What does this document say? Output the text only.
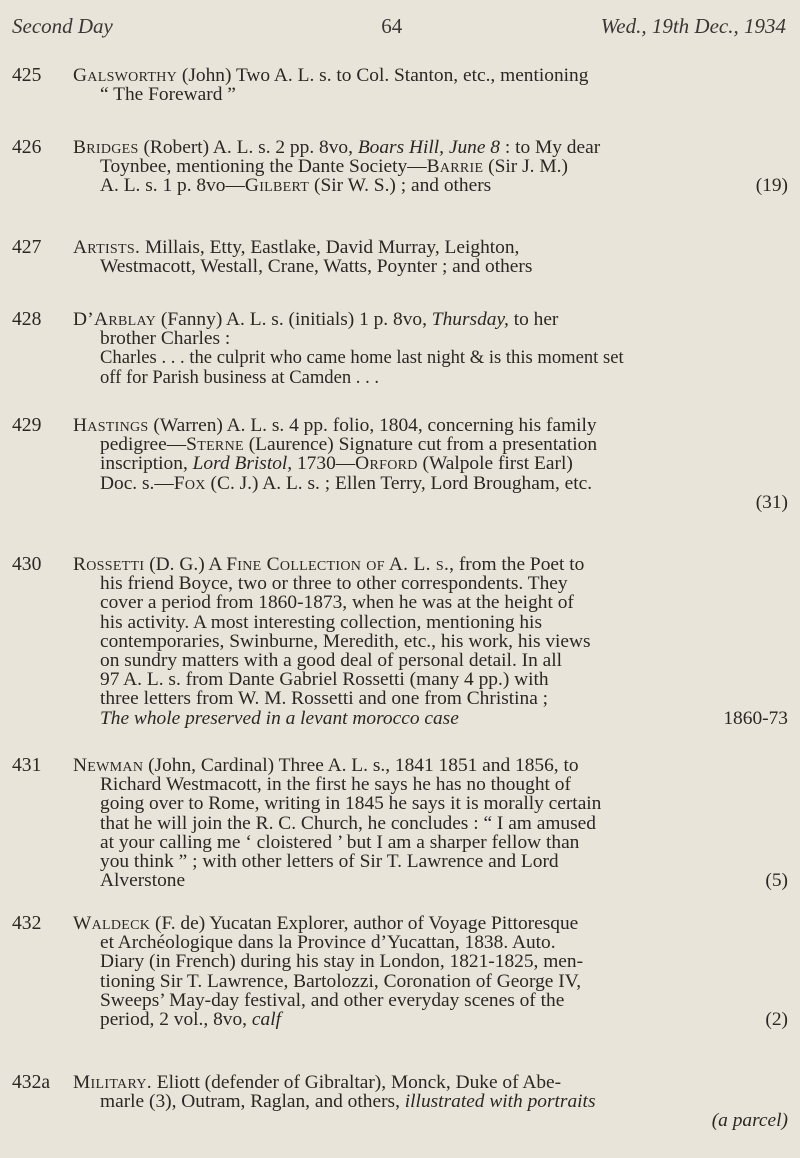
Second Day	64	Wed., 19th Dec., 1934
425	Galsworthy (John) Two A. L. s. to Col. Stanton, etc., mentioning
“ The Foreward ”
426	Bridges (Robert) A. L. s. 2 pp. 8vo, Boars Hill, June 8 : to My dear
Toynbee, mentioning the Dante Society—Barrie (Sir J. M.)
A. L. s. 1 p. 8vo—Gilbert (Sir W. S.) ; and others	(19)
427	Artists. Millais, Etty, Eastlake, David Murray, Leighton,
Westmacott, Westall, Crane, Watts, Poynter ; and others
428	D’Arblay (Fanny) A. L. s. (initials) 1 p. 8vo, Thursday, to her
brother Charles :
Charles . . . the culprit who came home last night & is this moment set
off for Parish business at Camden . . .
429	Hastings (Warren) A. L. s. 4 pp. folio, 1804, concerning his family
pedigree—Sterne (Laurence) Signature cut from a presentation
inscription, Lord Bristol, 1730—Orford (Walpole first Earl)
Doc. s.—Fox (C. J.) A. L. s. ; Ellen Terry, Lord Brougham, etc.
(31)
430	Rossetti (D. G.) A Fine Collection of A. L. s., from the Poet to
his friend Boyce, two or three to other correspondents. They
cover a period from 1860-1873, when he was at the height of
his activity. A most interesting collection, mentioning his
contemporaries, Swinburne, Meredith, etc., his work, his views
on sundry matters with a good deal of personal detail. In all
97 A. L. s. from Dante Gabriel Rossetti (many 4 pp.) with
three letters from W. M. Rossetti and one from Christina ;
The whole preserved in a levant morocco case	1860-73
431	Newman (John, Cardinal) Three A. L. s., 1841 1851 and 1856, to
Richard Westmacott, in the first he says he has no thought of
going over to Rome, writing in 1845 he says it is morally certain
that he will join the R. C. Church, he concludes : “ I am amused
at your calling me ‘ cloistered ’ but I am a sharper fellow than
you think ” ; with other letters of Sir T. Lawrence and Lord
Alverstone	(5)
432	Waldeck (F. de) Yucatan Explorer, author of Voyage Pittoresque
et Archéologique dans la Province d’Yucattan, 1838. Auto.
Diary (in French) during his stay in London, 1821-1825, men-
tioning Sir T. Lawrence, Bartolozzi, Coronation of George IV,
Sweeps’ May-day festival, and other everyday scenes of the
period, 2 vol., 8vo, calf	(2)
432a	Military. Eliott (defender of Gibraltar), Monck, Duke of Abe-
marle (3), Outram, Raglan, and others, illustrated with portraits
(a parcel)
